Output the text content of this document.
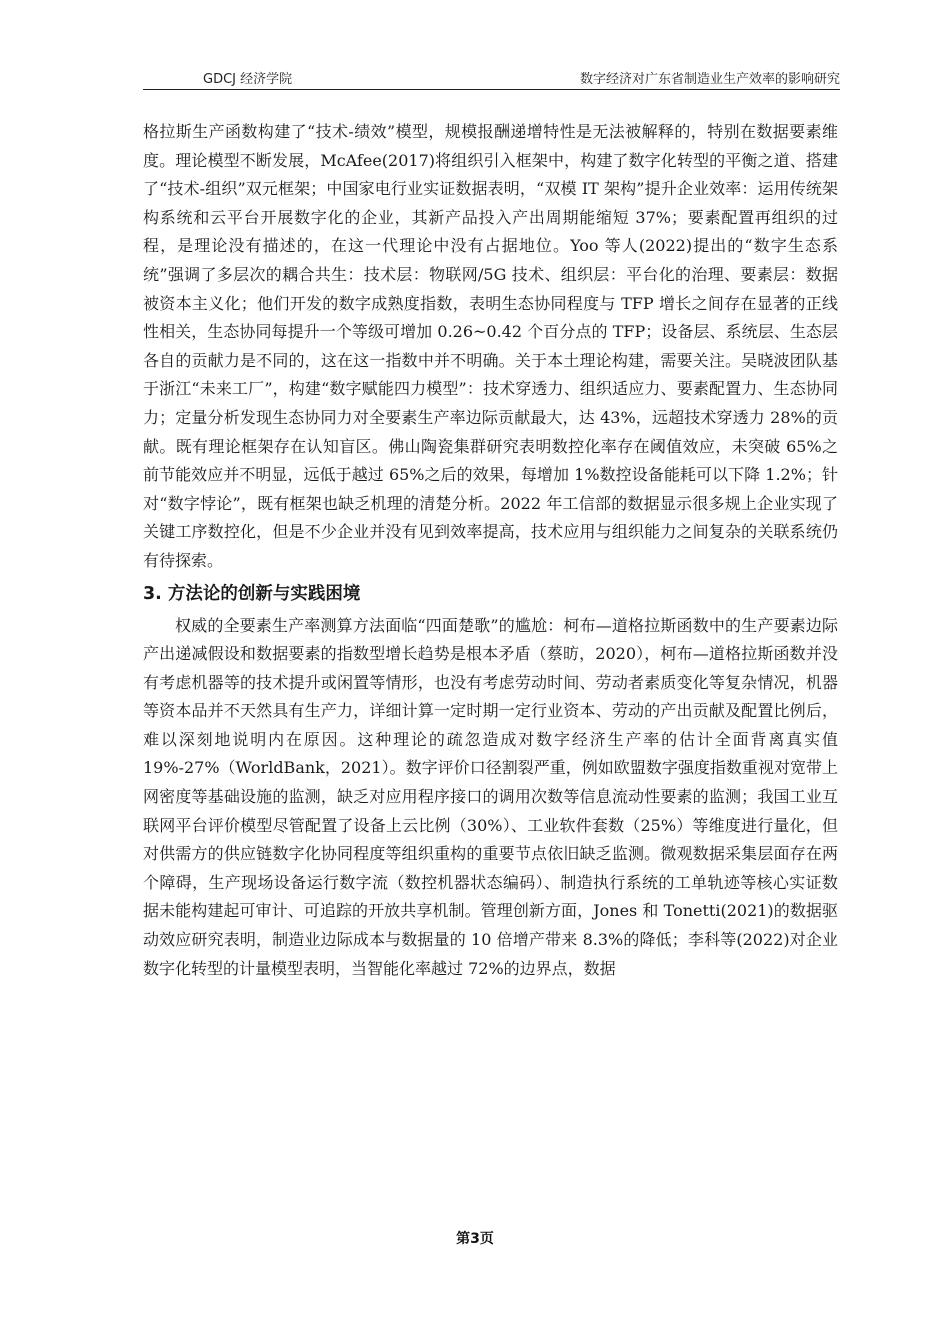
GDCJ 经济学院	数字经济对广东省制造业生产效率的影响研究

格拉斯生产函数构建了“技术-绩效”模型，规模报酬递增特性是无法被解释的，特别在数据要素维度。理论模型不断发展，McAfee(2017)将组织引入框架中，构建了数字化转型的平衡之道、搭建了“技术-组织”双元框架；中国家电行业实证数据表明，“双模 IT 架构”提升企业效率：运用传统架构系统和云平台开展数字化的企业，其新产品投入产出周期能缩短 37%；要素配置再组织的过程，是理论没有描述的，在这一代理论中没有占据地位。Yoo 等人(2022)提出的“数字生态系统”强调了多层次的耦合共生：技术层：物联网/5G 技术、组织层：平台化的治理、要素层：数据被资本主义化；他们开发的数字成熟度指数，表明生态协同程度与 TFP 增长之间存在显著的正线性相关，生态协同每提升一个等级可增加 0.26~0.42 个百分点的 TFP；设备层、系统层、生态层各自的贡献力是不同的，这在这一指数中并不明确。关于本土理论构建，需要关注。吴晓波团队基于浙江“未来工厂”，构建“数字赋能四力模型”：技术穿透力、组织适应力、要素配置力、生态协同力；定量分析发现生态协同力对全要素生产率边际贡献最大，达 43%，远超技术穿透力 28%的贡献。既有理论框架存在认知盲区。佛山陶瓷集群研究表明数控化率存在阈值效应，未突破 65%之前节能效应并不明显，远低于越过 65%之后的效果，每增加 1%数控设备能耗可以下降 1.2%；针对“数字悖论”，既有框架也缺乏机理的清楚分析。2022 年工信部的数据显示很多规上企业实现了关键工序数控化，但是不少企业并没有见到效率提高，技术应用与组织能力之间复杂的关联系统仍有待探索。

3. 方法论的创新与实践困境

权威的全要素生产率测算方法面临“四面楚歌”的尴尬：柯布—道格拉斯函数中的生产要素边际产出递减假设和数据要素的指数型增长趋势是根本矛盾（蔡昉，2020），柯布—道格拉斯函数并没有考虑机器等的技术提升或闲置等情形，也没有考虑劳动时间、劳动者素质变化等复杂情况，机器等资本品并不天然具有生产力，详细计算一定时期一定行业资本、劳动的产出贡献及配置比例后，难以深刻地说明内在原因。这种理论的疏忽造成对数字经济生产率的估计全面背离真实值 19%-27%（WorldBank，2021）。数字评价口径割裂严重，例如欧盟数字强度指数重视对宽带上网密度等基础设施的监测，缺乏对应用程序接口的调用次数等信息流动性要素的监测；我国工业互联网平台评价模型尽管配置了设备上云比例（30%）、工业软件套数（25%）等维度进行量化，但对供需方的供应链数字化协同程度等组织重构的重要节点依旧缺乏监测。微观数据采集层面存在两个障碍，生产现场设备运行数字流（数控机器状态编码）、制造执行系统的工单轨迹等核心实证数据未能构建起可审计、可追踪的开放共享机制。管理创新方面，Jones 和 Tonetti(2021)的数据驱动效应研究表明，制造业边际成本与数据量的 10 倍增产带来 8.3%的降低；李科等(2022)对企业数字化转型的计量模型表明，当智能化率越过 72%的边界点，数据

第3页
